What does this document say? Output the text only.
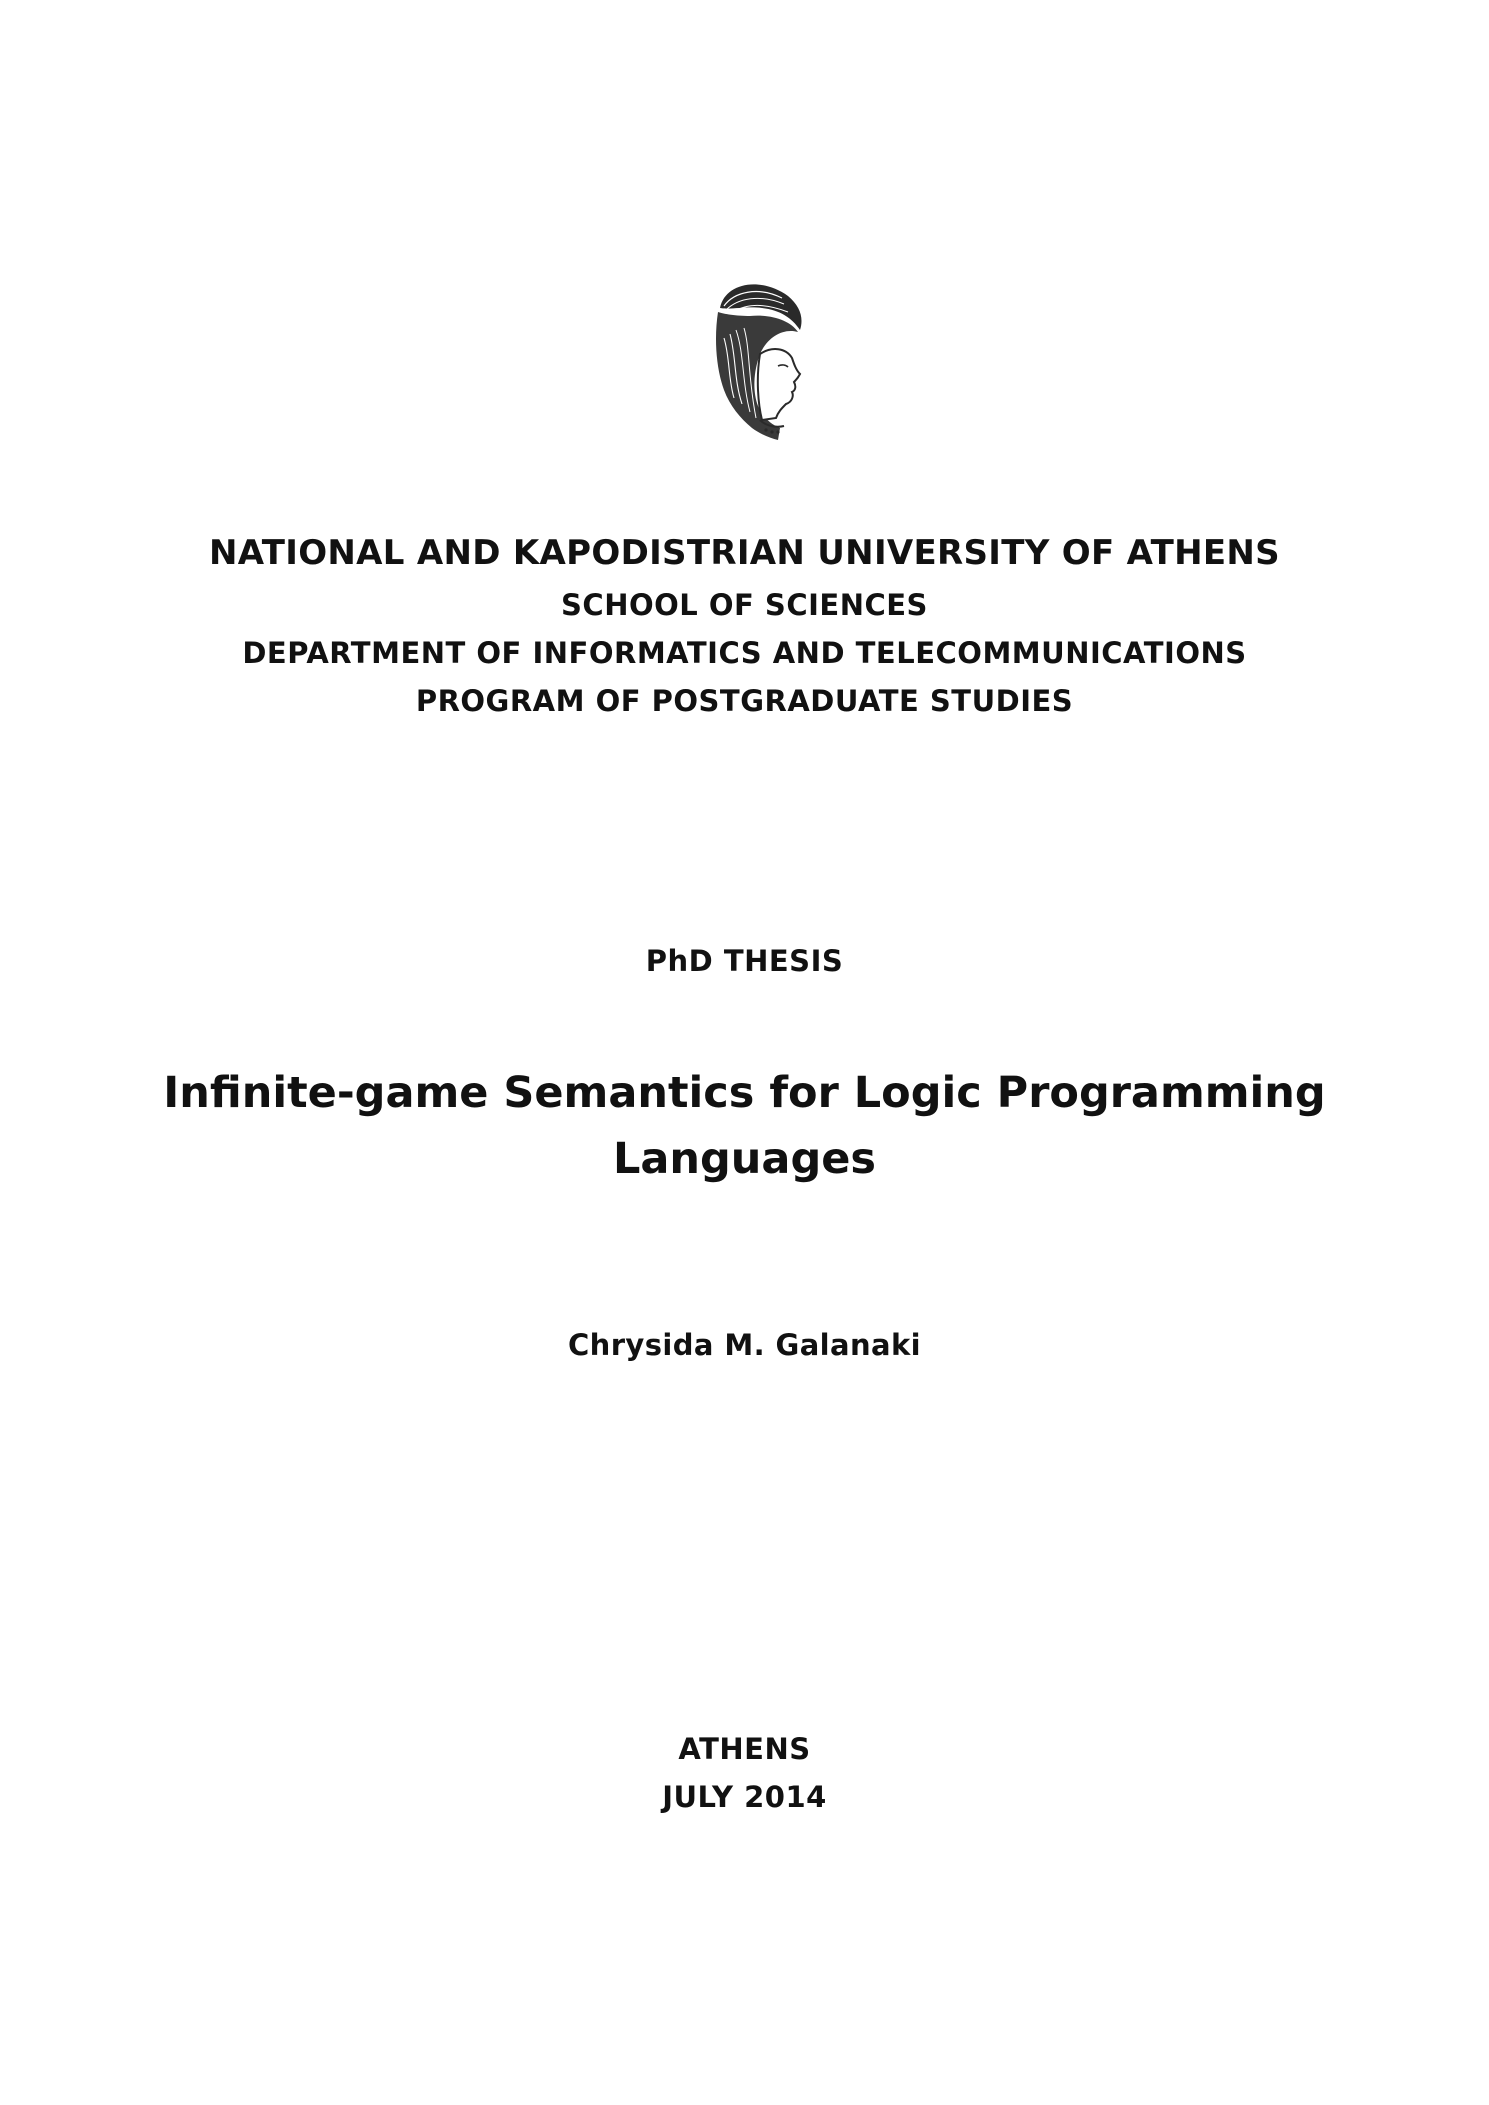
NATIONAL AND KAPODISTRIAN UNIVERSITY OF ATHENS
SCHOOL OF SCIENCES
DEPARTMENT OF INFORMATICS AND TELECOMMUNICATIONS
PROGRAM OF POSTGRADUATE STUDIES
PhD THESIS
Infinite-game Semantics for Logic Programming Languages
Chrysida M. Galanaki
ATHENS
JULY 2014
